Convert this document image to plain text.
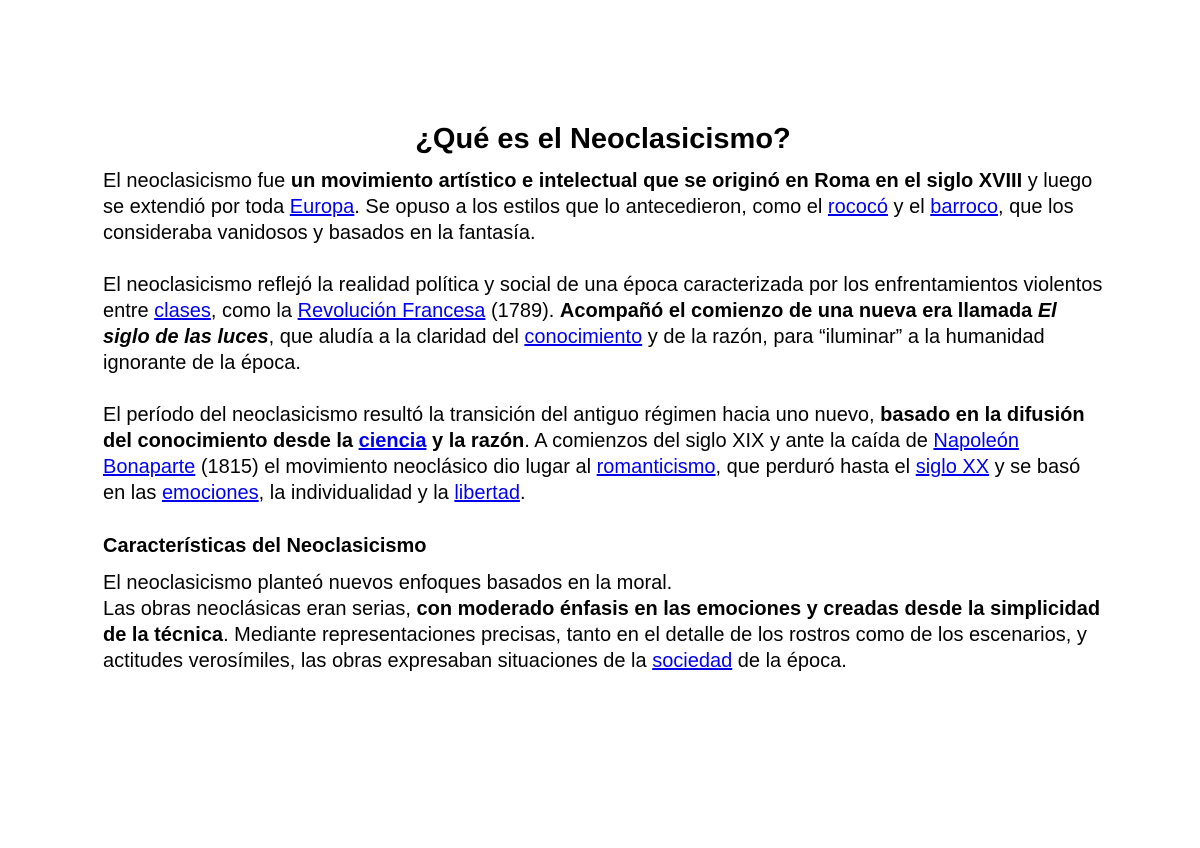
¿Qué es el Neoclasicismo?

El neoclasicismo fue un movimiento artístico e intelectual que se originó en Roma en el siglo XVIII y luego se extendió por toda Europa. Se opuso a los estilos que lo antecedieron, como el rococó y el barroco, que los consideraba vanidosos y basados en la fantasía.

El neoclasicismo reflejó la realidad política y social de una época caracterizada por los enfrentamientos violentos entre clases, como la Revolución Francesa (1789). Acompañó el comienzo de una nueva era llamada El siglo de las luces, que aludía a la claridad del conocimiento y de la razón, para “iluminar” a la humanidad ignorante de la época.

El período del neoclasicismo resultó la transición del antiguo régimen hacia uno nuevo, basado en la difusión del conocimiento desde la ciencia y la razón. A comienzos del siglo XIX y ante la caída de Napoleón Bonaparte (1815) el movimiento neoclásico dio lugar al romanticismo, que perduró hasta el siglo XX y se basó en las emociones, la individualidad y la libertad.

Características del Neoclasicismo

El neoclasicismo planteó nuevos enfoques basados en la moral.

Las obras neoclásicas eran serias, con moderado énfasis en las emociones y creadas desde la simplicidad de la técnica. Mediante representaciones precisas, tanto en el detalle de los rostros como de los escenarios, y actitudes verosímiles, las obras expresaban situaciones de la sociedad de la época.
